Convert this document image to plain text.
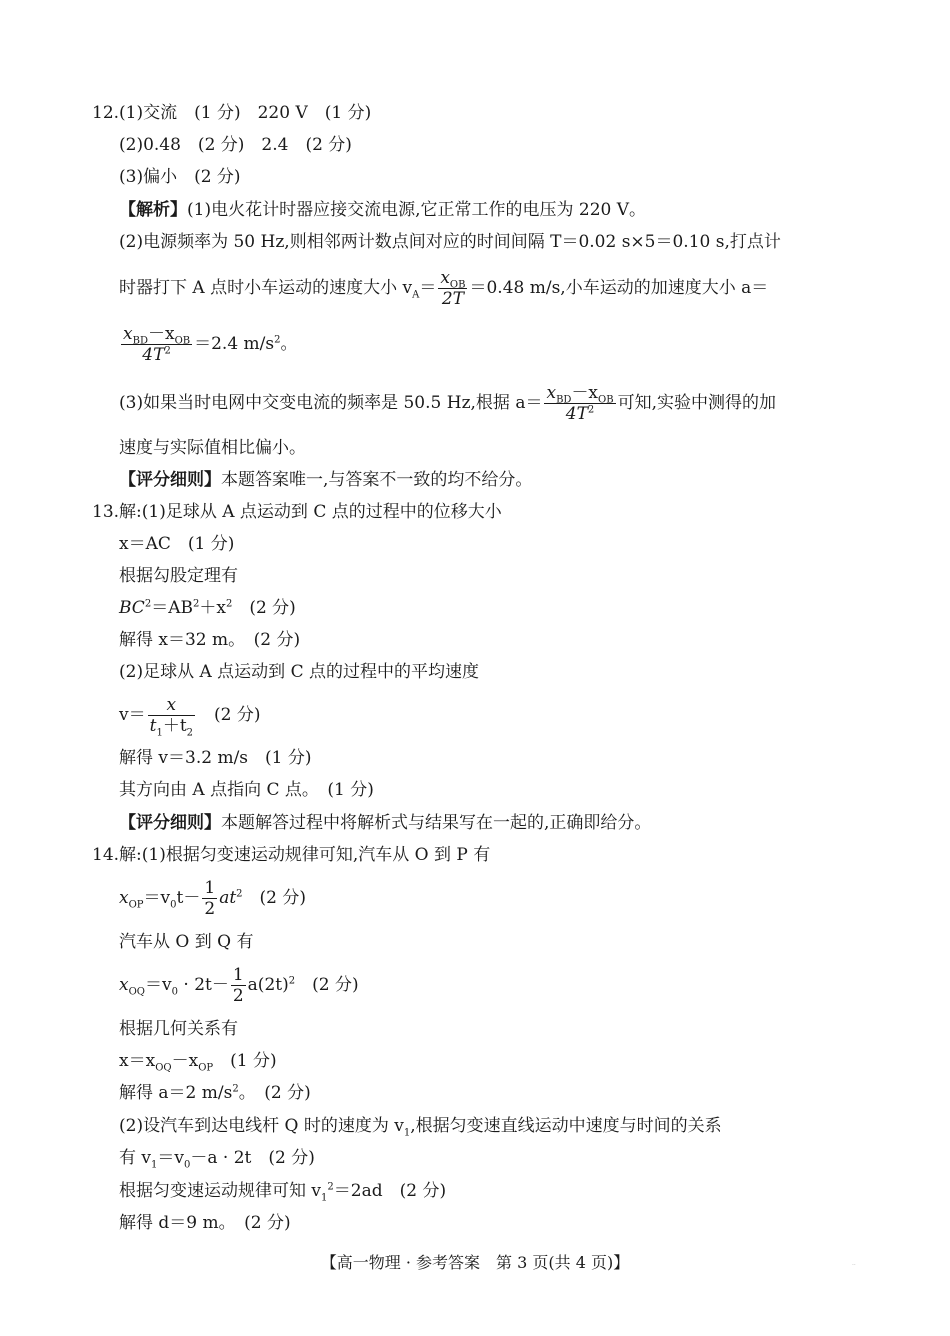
12.(1)交流　(1 分)　220 V　(1 分)
(2)0.48　(2 分)　2.4　(2 分)
(3)偏小　(2 分)
【解析】(1)电火花计时器应接交流电源,它正常工作的电压为 220 V。
(2)电源频率为 50 Hz,则相邻两计数点间对应的时间间隔 T＝0.02 s×5＝0.10 s,打点计
时器打下 A 点时小车运动的速度大小 $v_A= \frac{x_{OB}}{2T} =0.48$ m/s,小车运动的加速度大小 a＝
$\frac{x_{BD}-x_{OB}}{4T^2} =2.4$ $m/s^2$。
(3)如果当时电网中交变电流的频率是 50.5 Hz,根据 $a= \frac{x_{BD}-x_{OB}}{4T^2}$ 可知,实验中测得的加
速度与实际值相比偏小。
【评分细则】本题答案唯一,与答案不一致的均不给分。
13.解:(1)足球从 A 点运动到 C 点的过程中的位移大小
x＝AC　(1 分)
根据勾股定理有
$BC^2=AB^2+x^2$　(2 分)
解得 x＝32 m。　(2 分)
(2)足球从 A 点运动到 C 点的过程中的平均速度
$v= \frac{x}{t_1+t_2}$ 　(2 分)
解得 v＝3.2 m/s　(1 分)
其方向由 A 点指向 C 点。　(1 分)
【评分细则】本题解答过程中将解析式与结果写在一起的,正确即给分。
14.解:(1)根据匀变速运动规律可知,汽车从 O 到 P 有
$x_{OP}=v_0t- \frac{1}{2} at^2$　(2 分)
汽车从 O 到 Q 有
$x_{OQ}=v_0 \cdot 2t- \frac{1}{2} a(2t)^2$　(2 分)
根据几何关系有
$x=x_{OQ}-x_{OP}$　(1 分)
解得 a＝2 $m/s^2$。　(2 分)
(2)设汽车到达电线杆 Q 时的速度为 $v_1$,根据匀变速直线运动中速度与时间的关系
有 $v_1=v_0-a \cdot 2t$　(2 分)
根据匀变速运动规律可知 $v_1^2=2ad$　(2 分)
解得 d＝9 m。　(2 分)
【高一物理 · 参考答案　第 3 页(共 4 页)】	··
